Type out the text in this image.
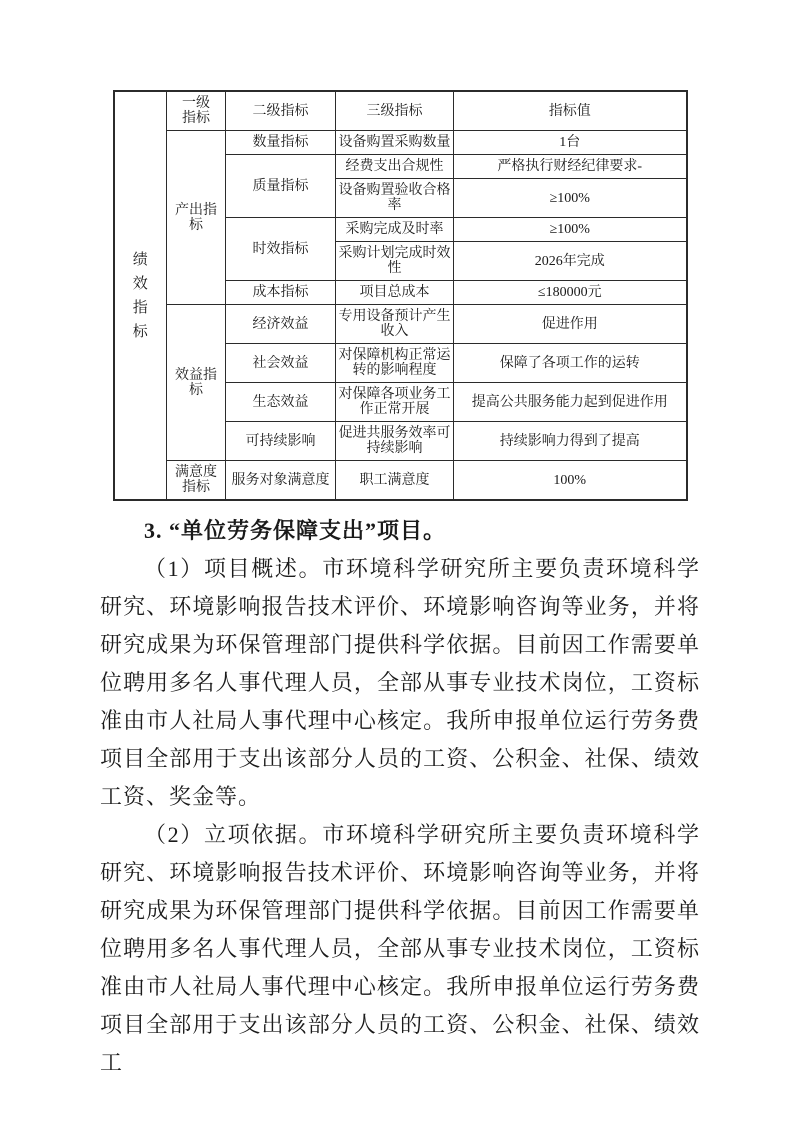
绩效指标	一级指标	二级指标	三级指标	指标值
	产出指标	数量指标	设备购置采购数量	1台
		质量指标	经费支出合规性	严格执行财经纪律要求-
			设备购置验收合格率	≥100%
		时效指标	采购完成及时率	≥100%
			采购计划完成时效性	2026年完成
		成本指标	项目总成本	≤180000元
	效益指标	经济效益	专用设备预计产生收入	促进作用
		社会效益	对保障机构正常运转的影响程度	保障了各项工作的运转
		生态效益	对保障各项业务工作正常开展	提高公共服务能力起到促进作用
		可持续影响	促进共服务效率可持续影响	持续影响力得到了提高
	满意度指标	服务对象满意度	职工满意度	100%
3. “单位劳务保障支出”项目。

（1）项目概述。市环境科学研究所主要负责环境科学研究、环境影响报告技术评价、环境影响咨询等业务，并将研究成果为环保管理部门提供科学依据。目前因工作需要单位聘用多名人事代理人员，全部从事专业技术岗位，工资标准由市人社局人事代理中心核定。我所申报单位运行劳务费项目全部用于支出该部分人员的工资、公积金、社保、绩效工资、奖金等。

（2）立项依据。市环境科学研究所主要负责环境科学研究、环境影响报告技术评价、环境影响咨询等业务，并将研究成果为环保管理部门提供科学依据。目前因工作需要单位聘用多名人事代理人员，全部从事专业技术岗位，工资标准由市人社局人事代理中心核定。我所申报单位运行劳务费项目全部用于支出该部分人员的工资、公积金、社保、绩效工
